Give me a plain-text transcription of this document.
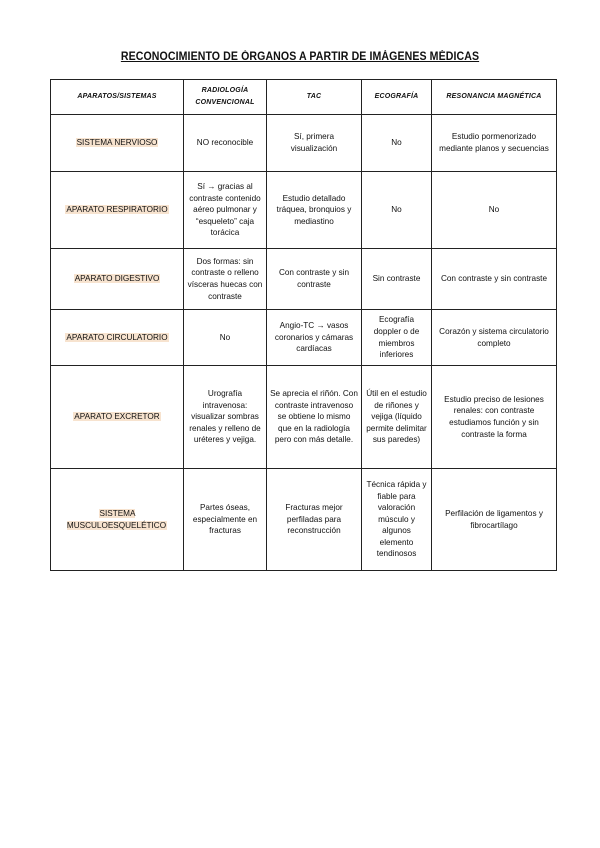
RECONOCIMIENTO DE ÓRGANOS A PARTIR DE IMÁGENES MÉDICAS
APARATOS/SISTEMAS	RADIOLOGÍA CONVENCIONAL	TAC	ECOGRAFÍA	RESONANCIA MAGNÉTICA
SISTEMA NERVIOSO	NO reconocible	Sí, primera visualización	No	Estudio pormenorizado mediante planos y secuencias
APARATO RESPIRATORIO	Sí → gracias al contraste contenido aéreo pulmonar y “esqueleto” caja torácica	Estudio detallado tráquea, bronquios y mediastino	No	No
APARATO DIGESTIVO	Dos formas: sin contraste o relleno vísceras huecas con contraste	Con contraste y sin contraste	Sin contraste	Con contraste y sin contraste
APARATO CIRCULATORIO	No	Angio-TC → vasos coronarios y cámaras cardíacas	Ecografía doppler o de miembros inferiores	Corazón y sistema circulatorio completo
APARATO EXCRETOR	Urografía intravenosa: visualizar sombras renales y relleno de uréteres y vejiga.	Se aprecia el riñón. Con contraste intravenoso se obtiene lo mismo que en la radiología pero con más detalle.	Útil en el estudio de riñones y vejiga (líquido permite delimitar sus paredes)	Estudio preciso de lesiones renales: con contraste estudiamos función y sin contraste la forma
SISTEMA MUSCULOESQUELÉTICO	Partes óseas, especialmente en fracturas	Fracturas mejor perfiladas para reconstrucción	Técnica rápida y fiable para valoración músculo y algunos elemento tendinosos	Perfilación de ligamentos y fibrocartílago
